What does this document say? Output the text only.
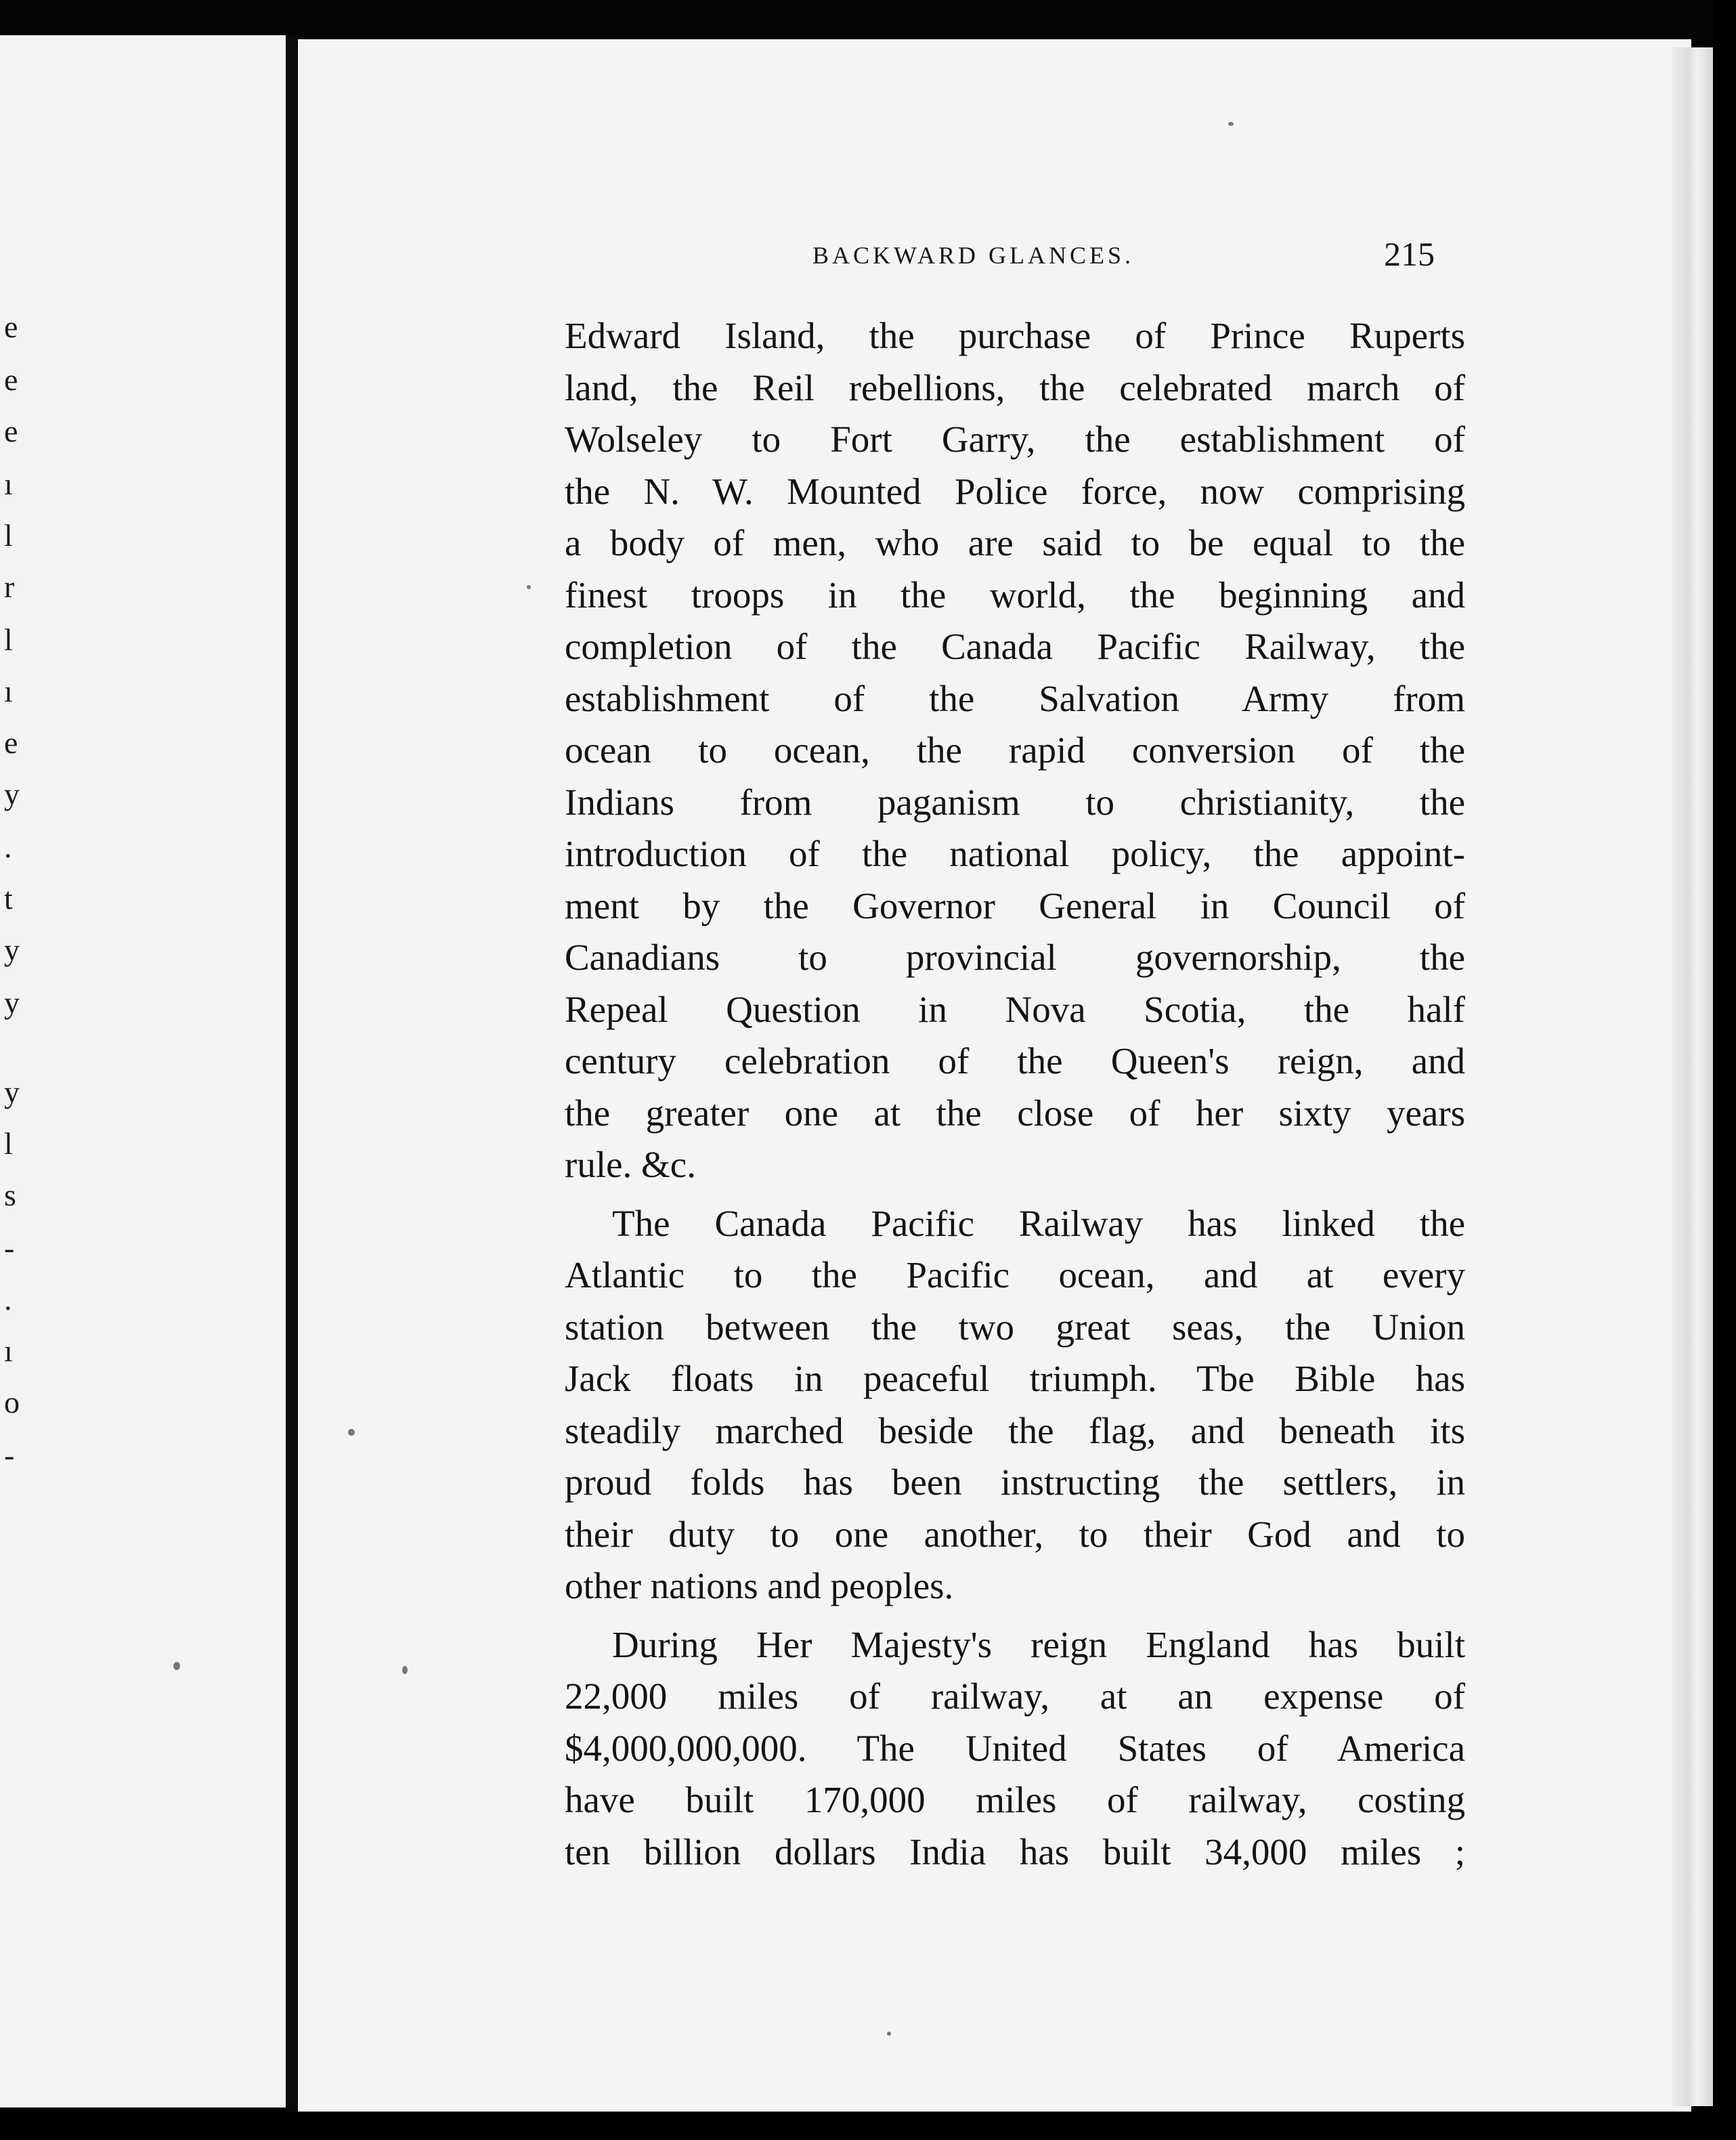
e
e
e
ı
l
r
l
ı
e
y
.
t
y
y
y
l
s
-
.
ı
o
-
BACKWARD GLANCES.	215

Edward Island, the purchase of Prince Ruperts
land, the Reil rebellions, the celebrated march of
Wolseley to Fort Garry, the establishment of
the N. W. Mounted Police force, now comprising
a body of men, who are said to be equal to the
finest troops in the world, the beginning and
completion of the Canada Pacific Railway, the
establishment of the Salvation Army from
ocean to ocean, the rapid conversion of the
Indians from paganism to christianity, the
introduction of the national policy, the appoint-
ment by the Governor General in Council of
Canadians to provincial governorship, the
Repeal Question in Nova Scotia, the half
century celebration of the Queen's reign, and
the greater one at the close of her sixty years
rule. &c.

The Canada Pacific Railway has linked the
Atlantic to the Pacific ocean, and at every
station between the two great seas, the Union
Jack floats in peaceful triumph. Tbe Bible has
steadily marched beside the flag, and beneath its
proud folds has been instructing the settlers, in
their duty to one another, to their God and to
other nations and peoples.

During Her Majesty's reign England has built
22,000 miles of railway, at an expense of
$4,000,000,000. The United States of America
have built 170,000 miles of railway, costing
ten billion dollars India has built 34,000 miles ;
